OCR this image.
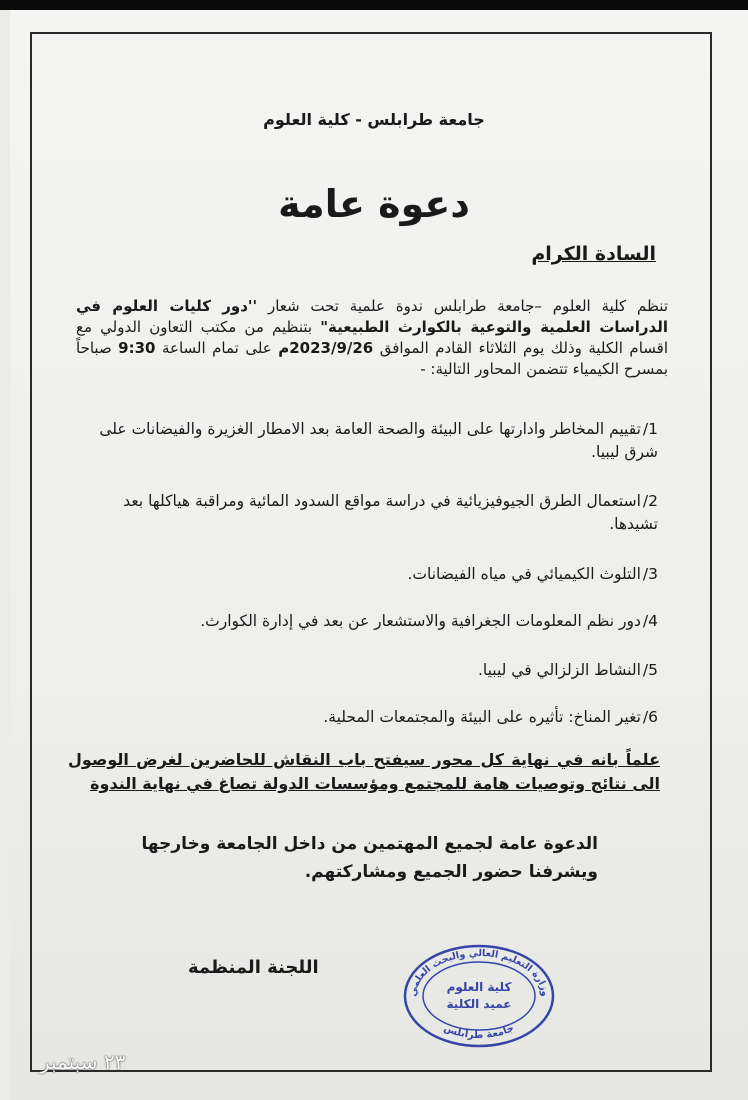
جامعة طرابلس - كلية العلوم
دعوة عامة
السادة الكرام
تنظم كلية العلوم –جامعة طرابلس ندوة علمية تحت شعار ''دور كليات العلوم في الدراسات العلمية والتوعية بالكوارث الطبيعية" بتنظيم من مكتب التعاون الدولي مع اقسام الكلية وذلك يوم الثلاثاء القادم الموافق 2023/9/26م على تمام الساعة 9:30 صباحاً بمسرح الكيمياء تتضمن المحاور التالية: -
1/تقييم المخاطر وادارتها على البيئة والصحة العامة بعد الامطار الغزيرة والفيضانات على شرق ليبيا.
2/استعمال الطرق الجيوفيزيائية في دراسة مواقع السدود المائية ومراقبة هياكلها بعد تشيدها.
3/التلوث الكيميائي في مياه الفيضانات.
4/دور نظم المعلومات الجغرافية والاستشعار عن بعد في إدارة الكوارث.
5/النشاط الزلزالي في ليبيا.
6/تغير المناخ: تأثيره على البيئة والمجتمعات المحلية.
علماً بانه في نهاية كل محور سيفتح باب النقاش للحاضرين لغرض الوصول الى نتائج وتوصيات هامة للمجتمع ومؤسسات الدولة تصاغ في نهاية الندوة
الدعوة عامة لجميع المهتمين من داخل الجامعة وخارجها
ويشرفنا حضور الجميع ومشاركتهم.
اللجنة المنظمة
وزارة التعليم العالي والبحث العلمي
جامعة طرابلس
كلية العلوم
عميد الكلية
٢٣ سبتمبر
